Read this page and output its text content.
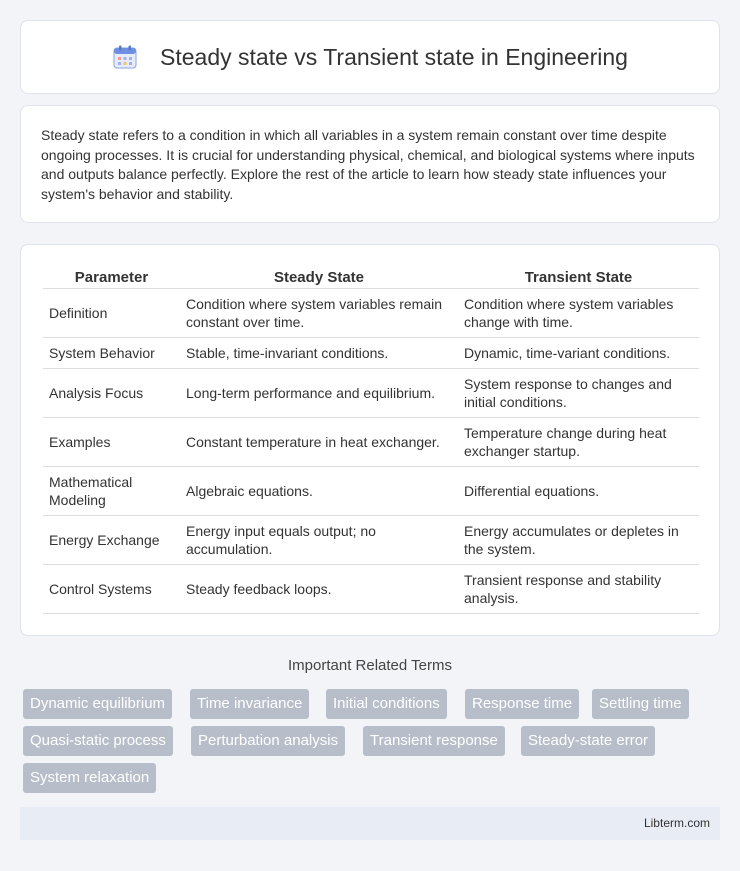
Steady state vs Transient state in Engineering

Steady state refers to a condition in which all variables in a system remain constant over time despite ongoing processes. It is crucial for understanding physical, chemical, and biological systems where inputs and outputs balance perfectly. Explore the rest of the article to learn how steady state influences your system's behavior and stability.

Parameter	Steady State	Transient State
Definition	Condition where system variables remain constant over time.	Condition where system variables change with time.
System Behavior	Stable, time-invariant conditions.	Dynamic, time-variant conditions.
Analysis Focus	Long-term performance and equilibrium.	System response to changes and initial conditions.
Examples	Constant temperature in heat exchanger.	Temperature change during heat exchanger startup.
Mathematical Modeling	Algebraic equations.	Differential equations.
Energy Exchange	Energy input equals output; no accumulation.	Energy accumulates or depletes in the system.
Control Systems	Steady feedback loops.	Transient response and stability analysis.
Important Related Terms
Dynamic equilibrium	Time invariance	Initial conditions	Response time	Settling time
Quasi-static process	Perturbation analysis	Transient response	Steady-state error
System relaxation
Libterm.com
